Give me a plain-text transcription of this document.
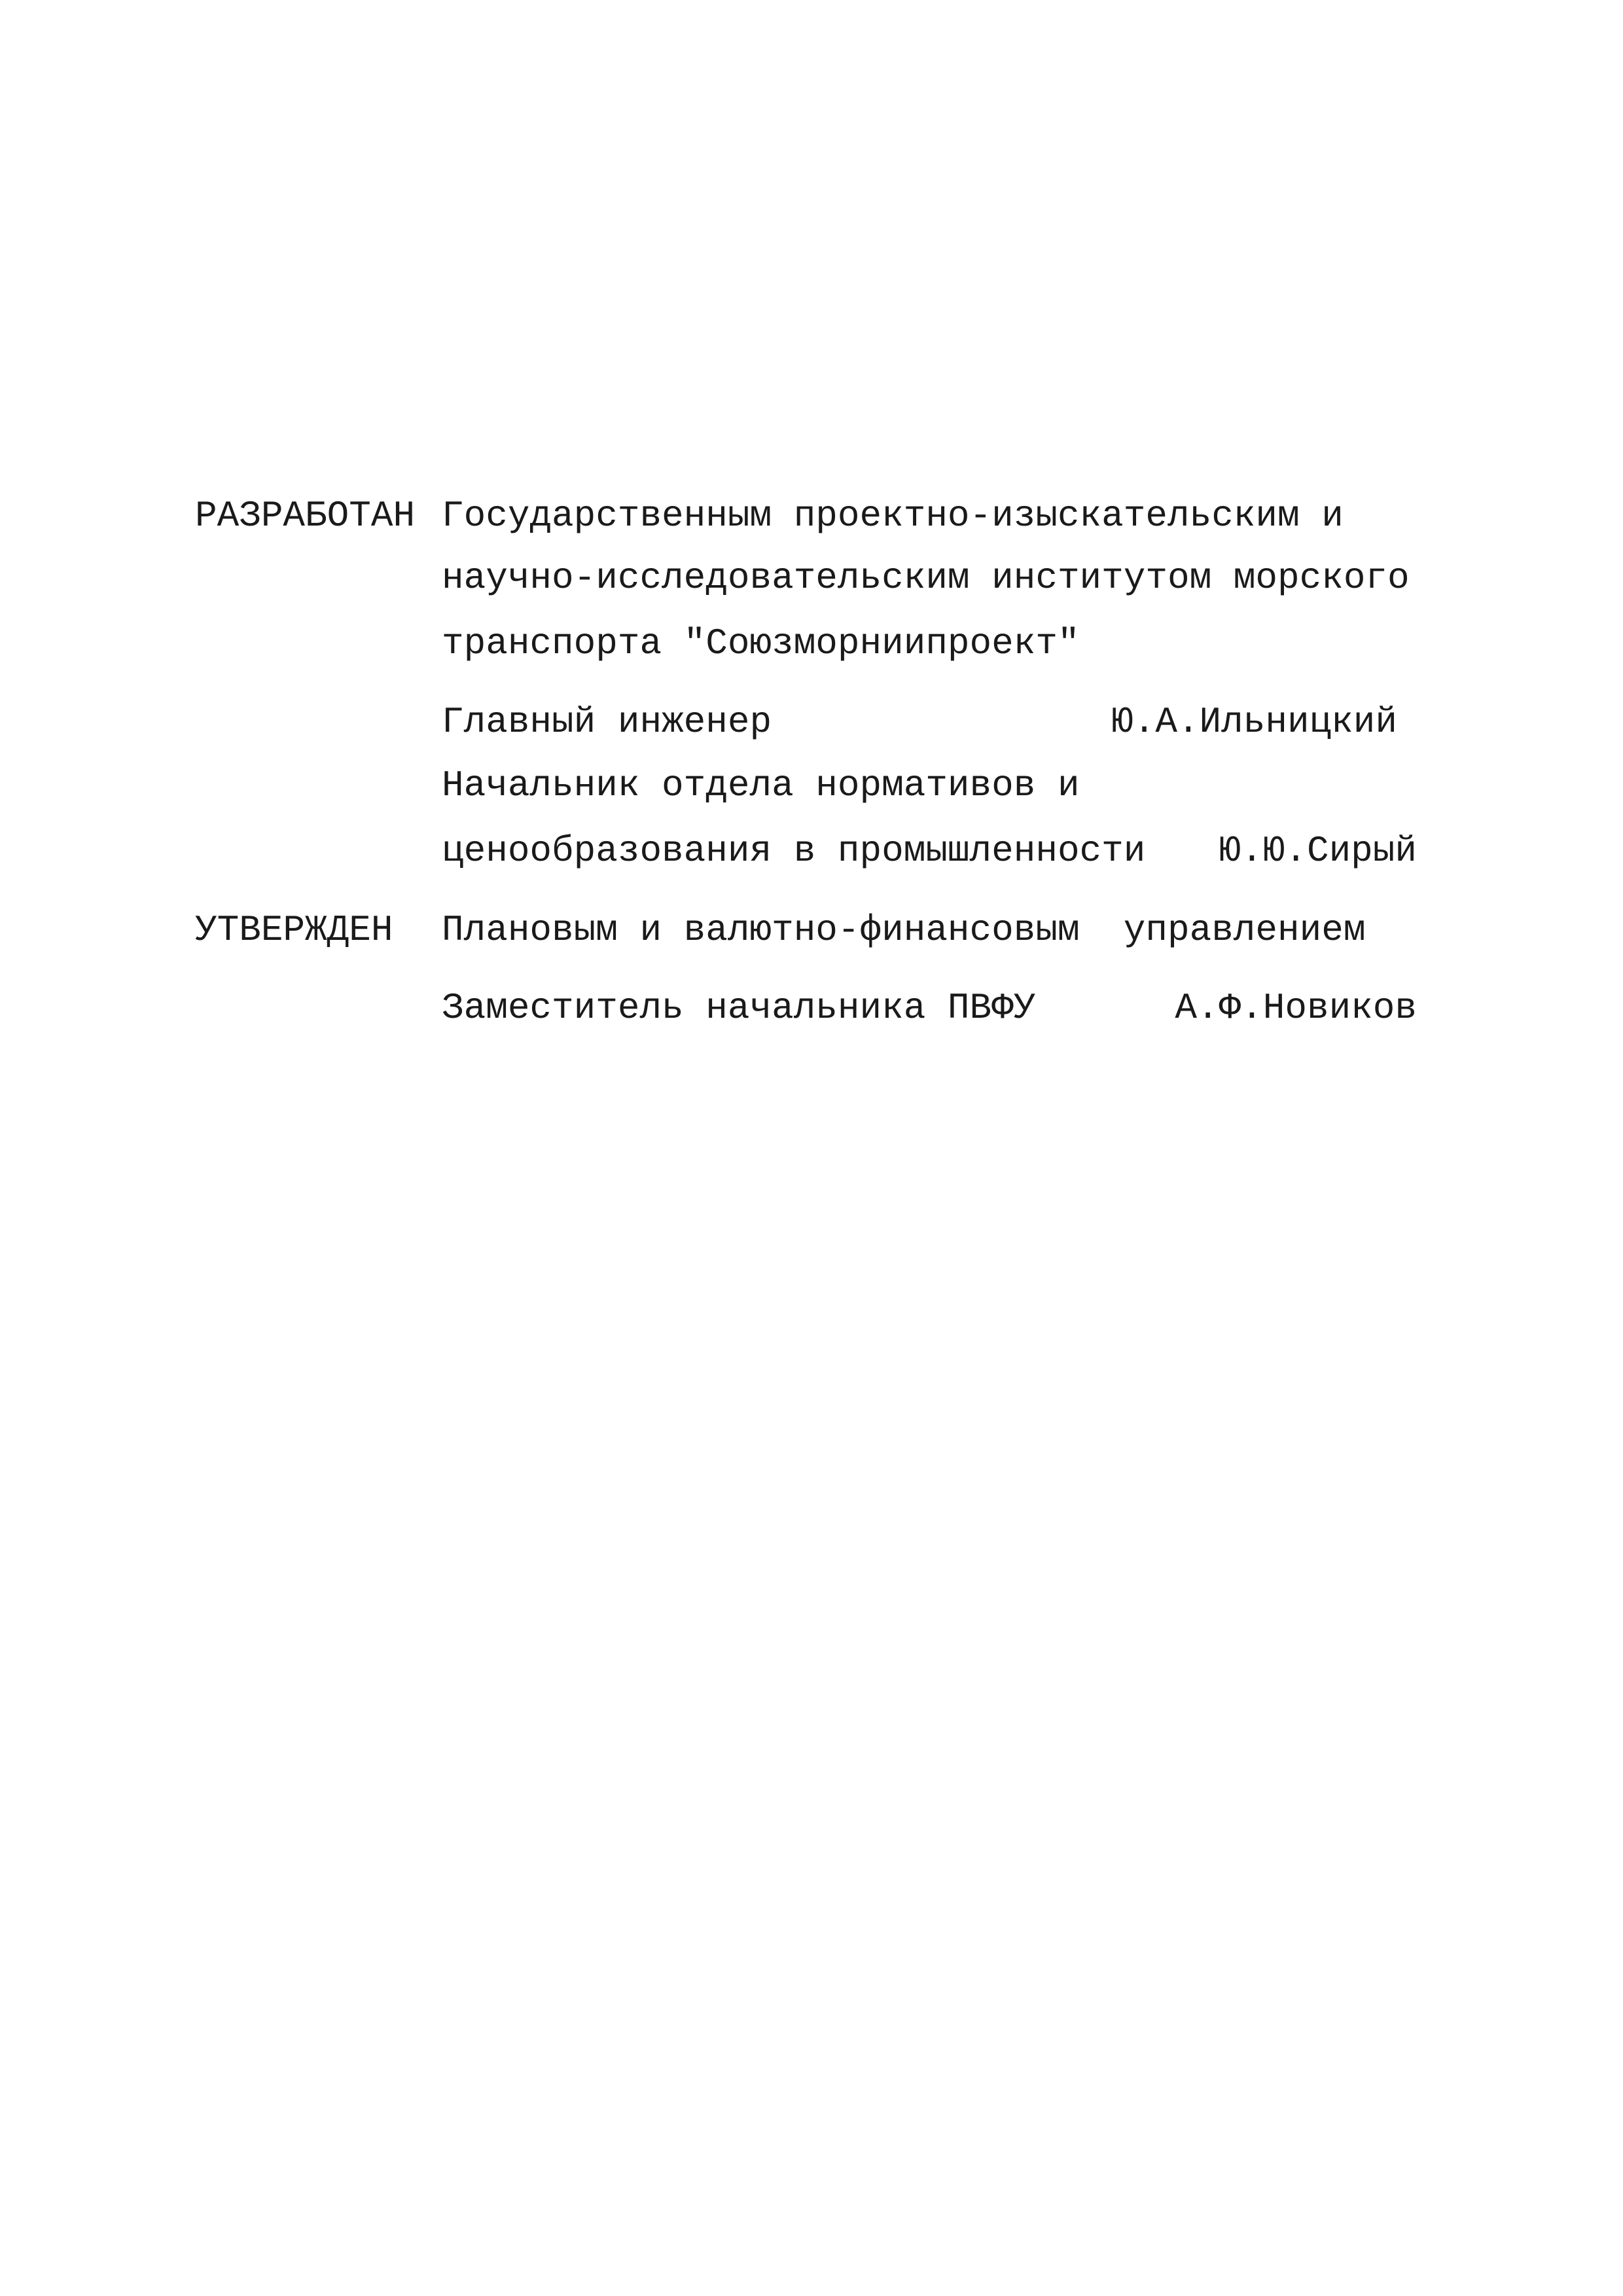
РАЗРАБОТАН Государственным проектно-изыскательским и
научно-исследовательским институтом морского
транспорта "Союзморниипроект"
Главный инженер	Ю.А.Ильницкий
Начальник отдела нормативов и
ценообразования в промышленности Ю.Ю.Сирый
УТВЕРЖДЕН Плановым и валютно-финансовым  управлением
Заместитель начальника ПВФУ	А.Ф.Новиков
